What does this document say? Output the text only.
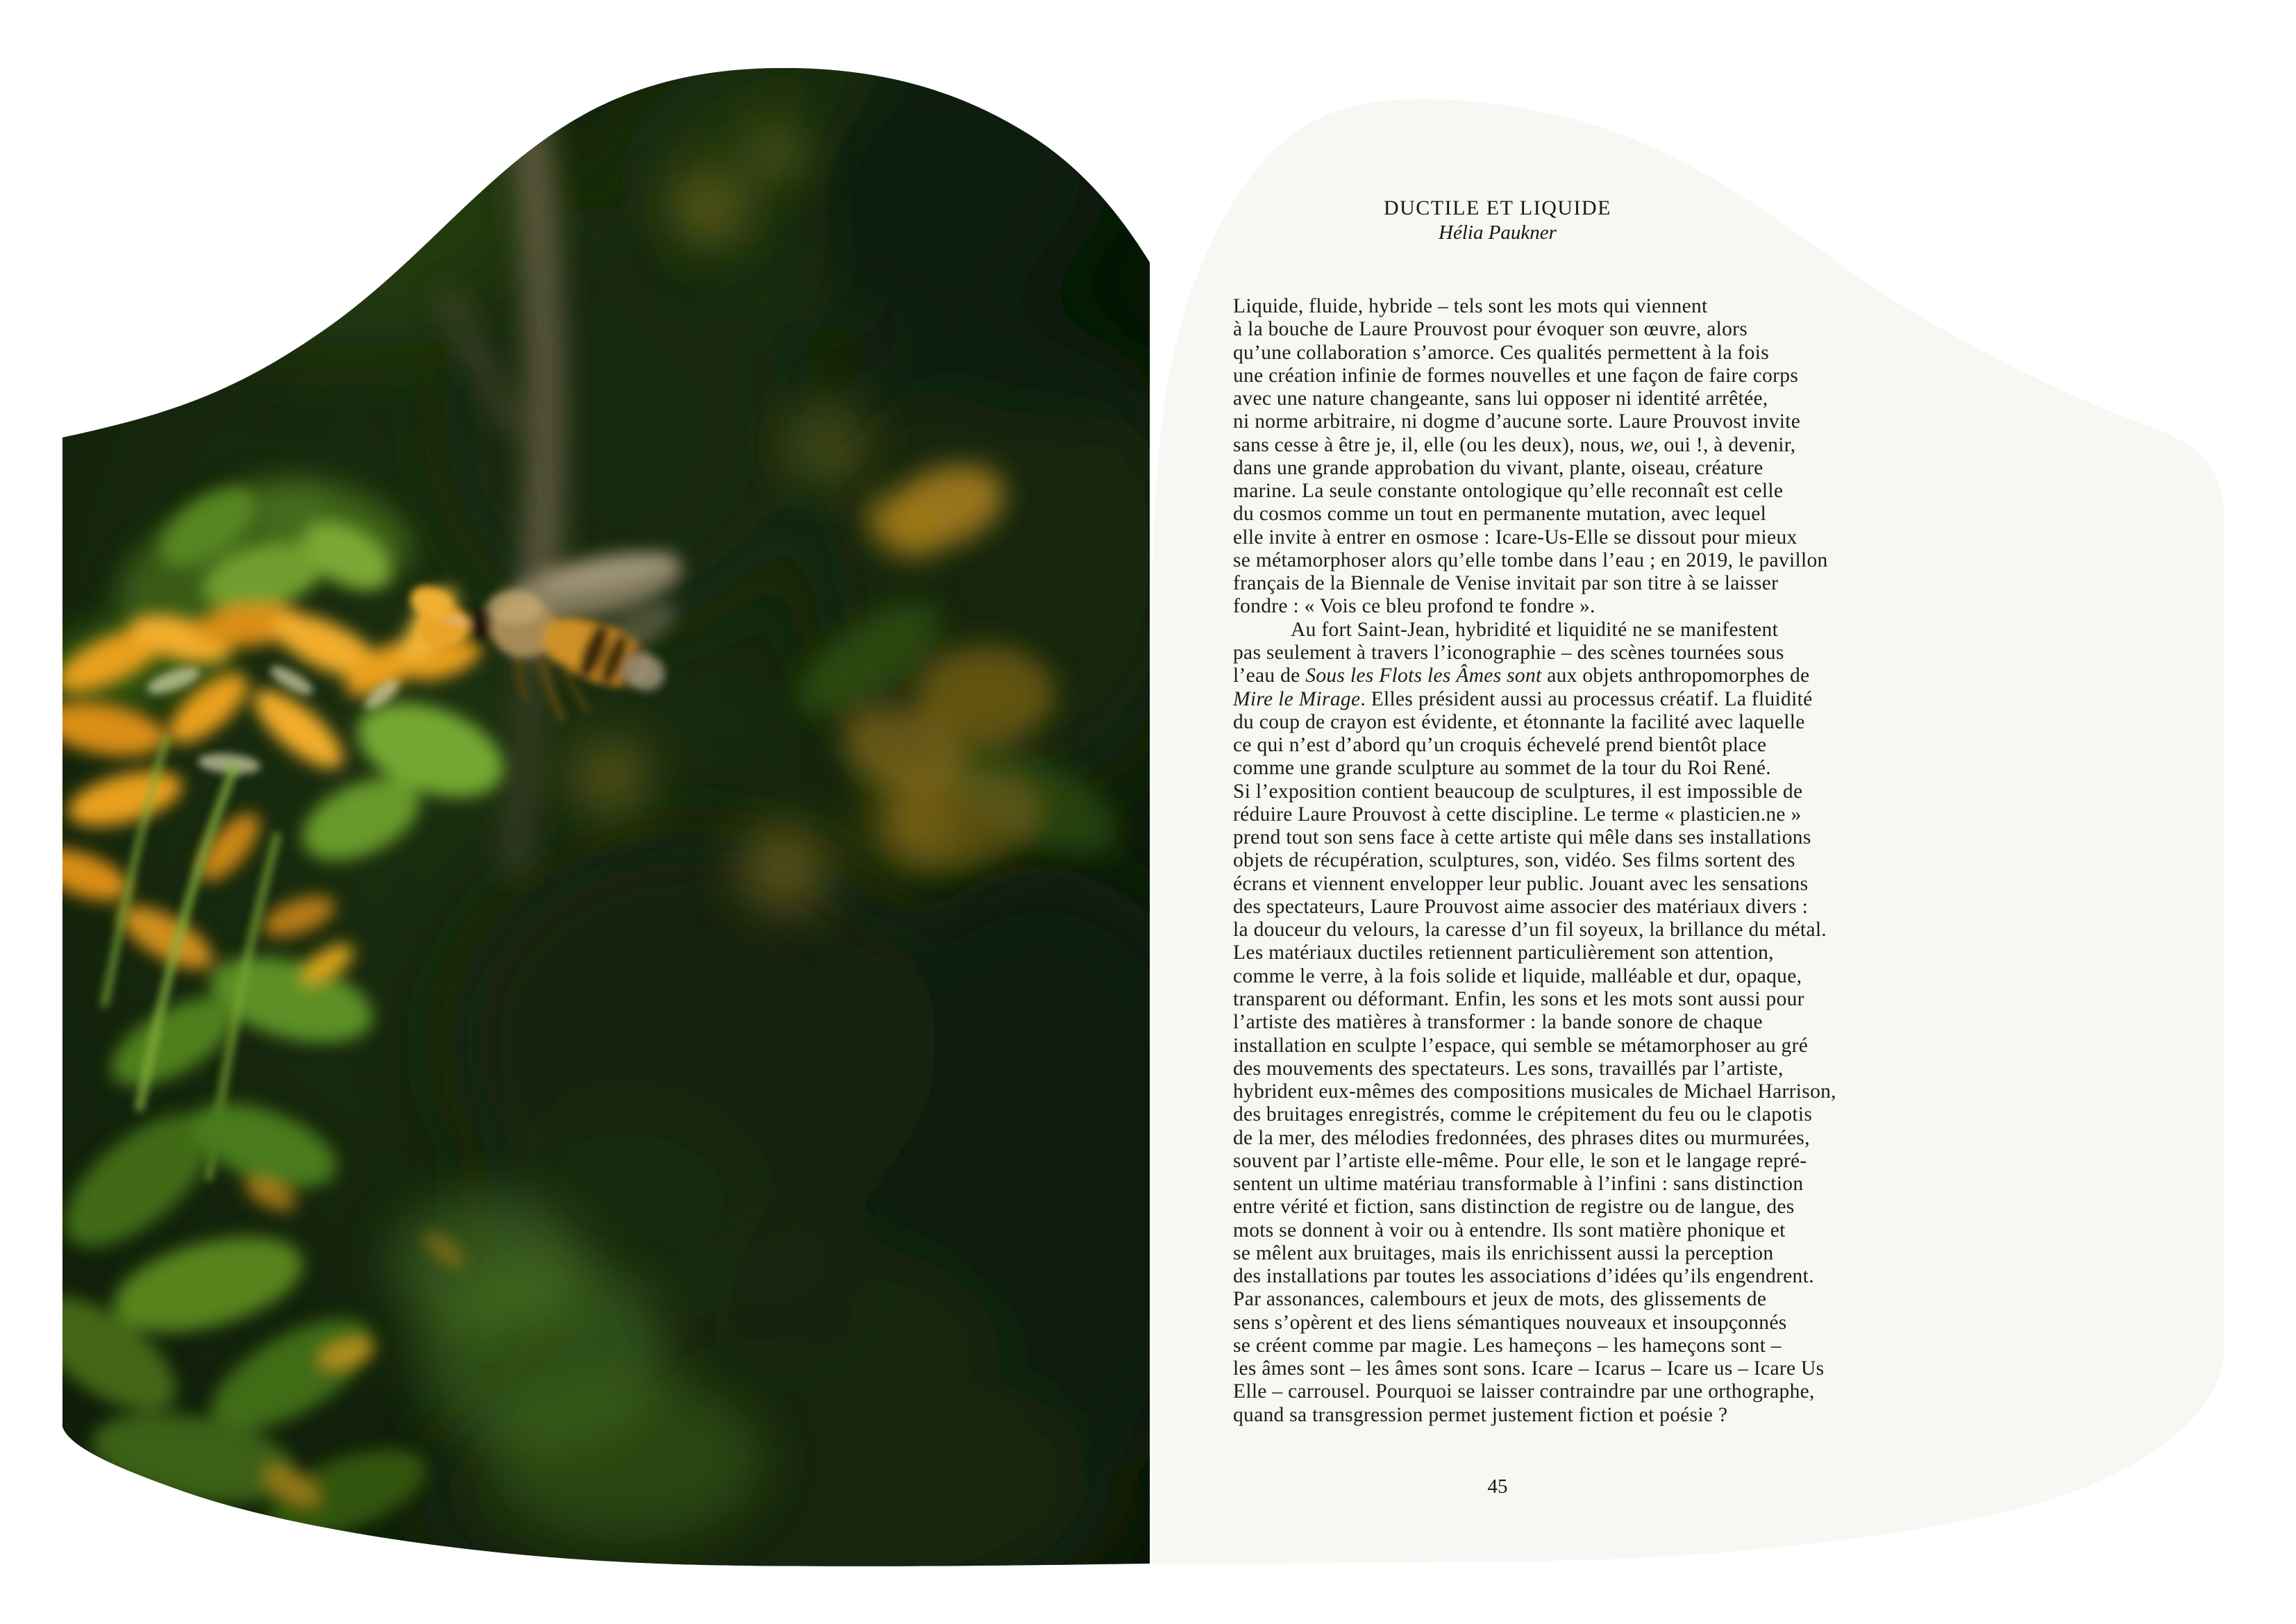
DUCTILE ET LIQUIDE
Hélia Paukner
Liquide, fluide, hybride – tels sont les mots qui viennent
à la bouche de Laure Prouvost pour évoquer son œuvre, alors
qu’une collaboration s’amorce. Ces qualités permettent à la fois
une création infinie de formes nouvelles et une façon de faire corps
avec une nature changeante, sans lui opposer ni identité arrêtée,
ni norme arbitraire, ni dogme d’aucune sorte. Laure Prouvost invite
sans cesse à être je, il, elle (ou les deux), nous, we, oui !, à devenir,
dans une grande approbation du vivant, plante, oiseau, créature
marine. La seule constante ontologique qu’elle reconnaît est celle
du cosmos comme un tout en permanente mutation, avec lequel
elle invite à entrer en osmose : Icare-Us-Elle se dissout pour mieux
se métamorphoser alors qu’elle tombe dans l’eau ; en 2019, le pavillon
français de la Biennale de Venise invitait par son titre à se laisser
fondre : « Vois ce bleu profond te fondre ».
Au fort Saint-Jean, hybridité et liquidité ne se manifestent
pas seulement à travers l’iconographie – des scènes tournées sous
l’eau de Sous les Flots les Âmes sont aux objets anthropomorphes de
Mire le Mirage. Elles président aussi au processus créatif. La fluidité
du coup de crayon est évidente, et étonnante la facilité avec laquelle
ce qui n’est d’abord qu’un croquis échevelé prend bientôt place
comme une grande sculpture au sommet de la tour du Roi René.
Si l’exposition contient beaucoup de sculptures, il est impossible de
réduire Laure Prouvost à cette discipline. Le terme « plasticien.ne »
prend tout son sens face à cette artiste qui mêle dans ses installations
objets de récupération, sculptures, son, vidéo. Ses films sortent des
écrans et viennent envelopper leur public. Jouant avec les sensations
des spectateurs, Laure Prouvost aime associer des matériaux divers :
la douceur du velours, la caresse d’un fil soyeux, la brillance du métal.
Les matériaux ductiles retiennent particulièrement son attention,
comme le verre, à la fois solide et liquide, malléable et dur, opaque,
transparent ou déformant. Enfin, les sons et les mots sont aussi pour
l’artiste des matières à transformer : la bande sonore de chaque
installation en sculpte l’espace, qui semble se métamorphoser au gré
des mouvements des spectateurs. Les sons, travaillés par l’artiste,
hybrident eux-mêmes des compositions musicales de Michael Harrison,
des bruitages enregistrés, comme le crépitement du feu ou le clapotis
de la mer, des mélodies fredonnées, des phrases dites ou murmurées,
souvent par l’artiste elle-même. Pour elle, le son et le langage repré-
sentent un ultime matériau transformable à l’infini : sans distinction
entre vérité et fiction, sans distinction de registre ou de langue, des
mots se donnent à voir ou à entendre. Ils sont matière phonique et
se mêlent aux bruitages, mais ils enrichissent aussi la perception
des installations par toutes les associations d’idées qu’ils engendrent.
Par assonances, calembours et jeux de mots, des glissements de
sens s’opèrent et des liens sémantiques nouveaux et insoupçonnés
se créent comme par magie. Les hameçons – les hameçons sont –
les âmes sont – les âmes sont sons. Icare – Icarus – Icare us – Icare Us
Elle – carrousel. Pourquoi se laisser contraindre par une orthographe,
quand sa transgression permet justement fiction et poésie ?
45
